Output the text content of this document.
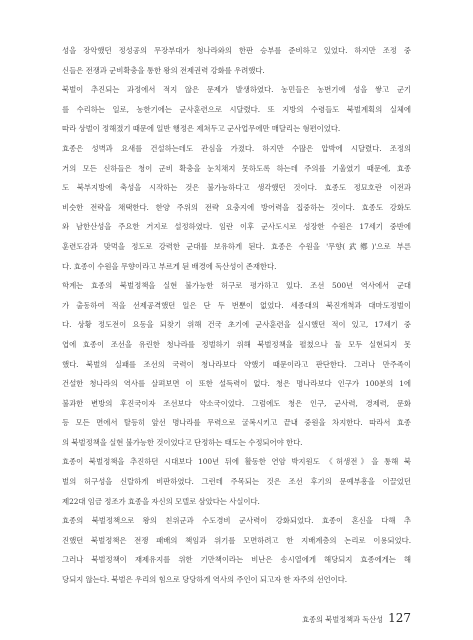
성을 장악했던 정성공의 무장부대가 청나라와의 한판 승부를 준비하고 있었다. 하지만 조정 중
신들은 전쟁과 군비확충을 통한 왕의 전제권력 강화를 우려했다.
북벌이 추진되는 과정에서 적지 않은 문제가 발생하였다. 농민들은 농번기에 성을 쌓고 군기
를 수리하는 일로, 농한기에는 군사훈련으로 시달렸다. 또 지방의 수령들도 북벌계획의 실체에
따라 상벌이 정해졌기 때문에 일반 행정은 제쳐두고 군사업무에만 매달리는 형편이었다.
효종은 성벽과 요새를 건설하는데도 관심을 가졌다. 하지만 수많은 압박에 시달렸다. 조정의
거의 모든 신하들은 청이 군비 확충을 눈치채지 못하도록 하는데 주의를 기울였기 때문에, 효종
도 북부지방에 축성을 시작하는 것은 불가능하다고 생각했던 것이다. 효종도 정묘호란 이전과
비슷한 전략을 채택한다. 한양 주위의 전략 요충지에 방어력을 집중하는 것이다. 효종도 강화도
와 남한산성을 주요한 거지로 설정하였다. 임란 이후 군사도시로 성장한 수원은 17세기 중반에
훈련도감과 맞먹을 정도로 강력한 군대를 보유하게 된다. 효종은 수원을 '무향(武鄕)'으로 부른
다. 효종이 수원을 무향이라고 부르게 된 배경에 독산성이 존재한다.
학계는 효종의 북벌정책을 실현 불가능한 허구로 평가하고 있다. 조선 500년 역사에서 군대
가 출동하여 적을 선제공격했던 일은 단 두 번뿐이 없었다. 세종대의 북진개척과 대마도정벌이
다. 상황 정도전이 요동을 되찾기 위해 건국 초기에 군사훈련을 실시했던 적이 있고, 17세기 중
엽에 효종이 조선을 유린한 청나라를 정벌하기 위해 북벌정책을 펼쳤으나 둘 모두 실현되지 못
했다. 북벌의 실패를 조선의 국력이 청나라보다 약했기 때문이라고 판단한다. 그러나 만주족이
건설한 청나라의 역사를 살펴보면 이 또한 설득력이 없다. 청은 명나라보다 인구가 100분의 1에
불과한 변방의 후진국이자 조선보다 약소국이었다. 그럼에도 청은 인구, 군사력, 경제력, 문화
등 모든 면에서 탈등히 앞선 명나라를 무력으로 굴복시키고 끝내 중원을 차지한다. 따라서 효종
의 북벌정책을 실현 불가능한 것이었다고 단정하는 태도는 수정되어야 한다.
효종이 북벌정책을 추진하던 시대보다 100년 뒤에 활동한 연암 박지원도 《허생전》을 통해 북
벌의 허구성을 신랄하게 비판하였다. 그런데 주목되는 것은 조선 후기의 문예부흥을 이끌었던
제22대 임금 정조가 효종을 자신의 모델로 삼았다는 사실이다.
효종의 북벌정책으로 왕의 친위군과 수도경비 군사력이 강화되었다. 효종이 혼신을 다해 추
진했던 북벌정책은 전쟁 패배의 책임과 위기를 모면하려고 한 지배계층의 논리로 이용되었다.
그러나 북벌정책이 재제유지를 위한 기만책이라는 비난은 송시열에게 해당되지 효종에게는 해
당되지 않는다. 북벌은 우리의 힘으로 당당하게 역사의 주인이 되고자 한 자주의 선언이다.
효종의 북벌정책과 독산성 127
